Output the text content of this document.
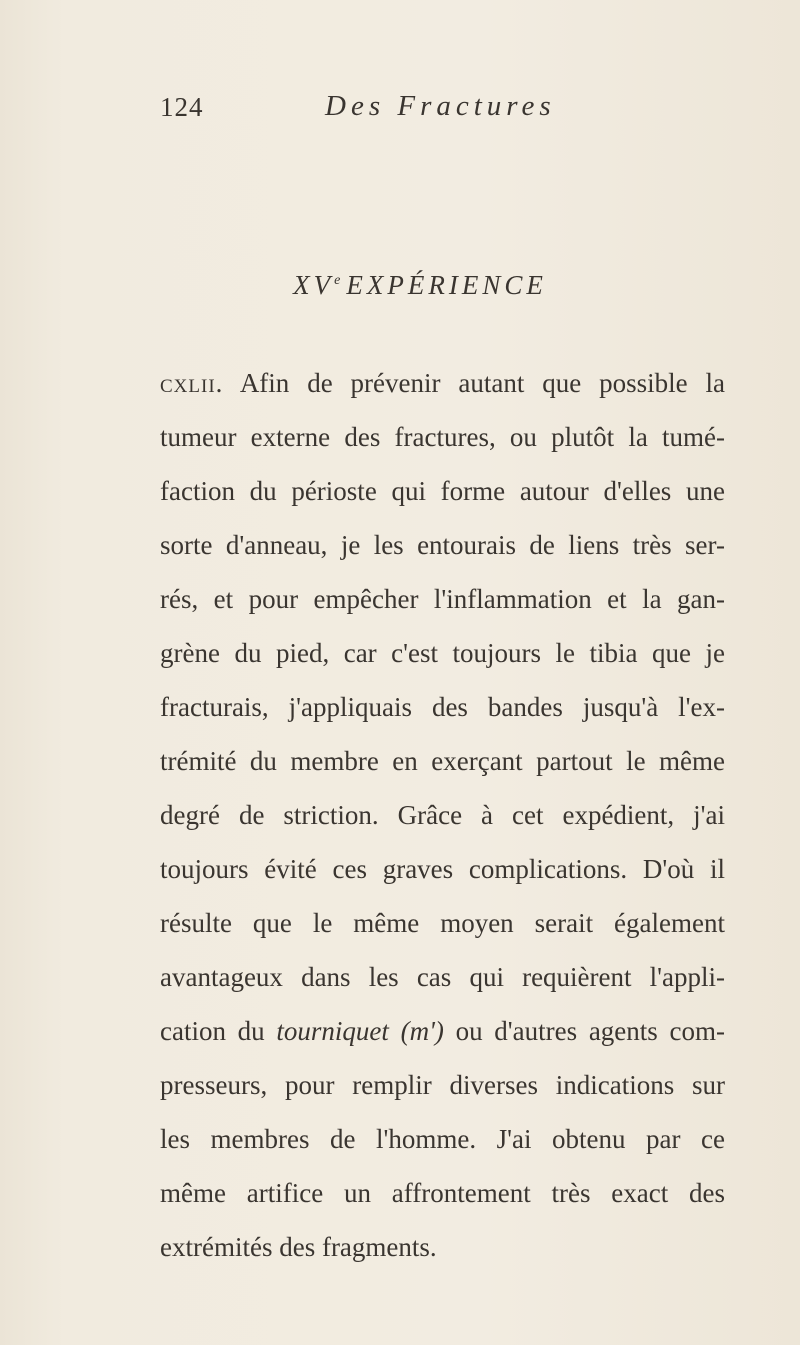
124	Des Fractures
XVe EXPÉRIENCE
cxlii. Afin de prévenir autant que possible la
tumeur externe des fractures, ou plutôt la tumé-
faction du périoste qui forme autour d'elles une
sorte d'anneau, je les entourais de liens très ser-
rés, et pour empêcher l'inflammation et la gan-
grène du pied, car c'est toujours le tibia que je
fracturais, j'appliquais des bandes jusqu'à l'ex-
trémité du membre en exerçant partout le même
degré de striction. Grâce à cet expédient, j'ai
toujours évité ces graves complications. D'où il
résulte que le même moyen serait également
avantageux dans les cas qui requièrent l'appli-
cation du tourniquet (m') ou d'autres agents com-
presseurs, pour remplir diverses indications sur
les membres de l'homme. J'ai obtenu par ce
même artifice un affrontement très exact des
extrémités des fragments.
